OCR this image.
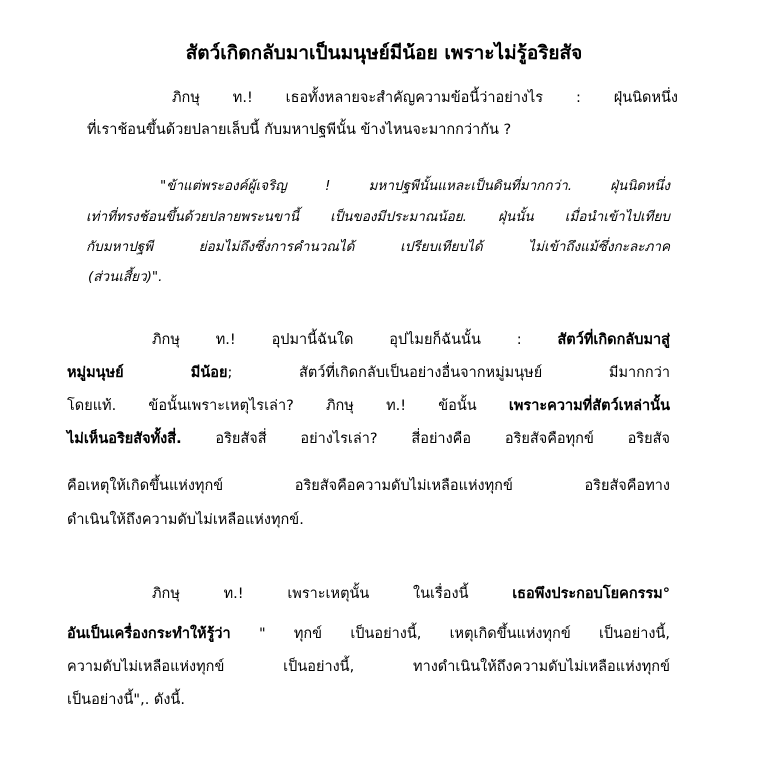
สัตว์เกิดกลับมาเป็นมนุษย์มีน้อย เพราะไม่รู้อริยสัจ
ภิกษุ ท.! เธอทั้งหลายจะสำคัญความข้อนี้ว่าอย่างไร : ฝุ่นนิดหนึ่ง
ที่เราช้อนขึ้นด้วยปลายเล็บนี้ กับมหาปฐพีนั้น ข้างไหนจะมากกว่ากัน ?
"ข้าแต่พระองค์ผู้เจริญ ! มหาปฐพีนั้นแหละเป็นดินที่มากกว่า. ฝุ่นนิดหนึ่ง
เท่าที่ทรงช้อนขึ้นด้วยปลายพระนขานี้ เป็นของมีประมาณน้อย. ฝุ่นนั้น เมื่อนำเข้าไปเทียบ
กับมหาปฐพี ย่อมไม่ถึงซึ่งการคำนวณได้ เปรียบเทียบได้ ไม่เข้าถึงแม้ซึ่งกะละภาค
(ส่วนเสี้ยว)".
ภิกษุ ท.! อุปมานี้ฉันใด อุปไมยก็ฉันนั้น : สัตว์ที่เกิดกลับมาสู่
หมู่มนุษย์ มีน้อย; สัตว์ที่เกิดกลับเป็นอย่างอื่นจากหมู่มนุษย์ มีมากกว่า
โดยแท้. ข้อนั้นเพราะเหตุไรเล่า? ภิกษุ ท.! ข้อนั้น เพราะความที่สัตว์เหล่านั้น
ไม่เห็นอริยสัจทั้งสี่. อริยสัจสี่ อย่างไรเล่า? สี่อย่างคือ อริยสัจคือทุกข์ อริยสัจ
คือเหตุให้เกิดขึ้นแห่งทุกข์ อริยสัจคือความดับไม่เหลือแห่งทุกข์ อริยสัจคือทาง
ดำเนินให้ถึงความดับไม่เหลือแห่งทุกข์.
ภิกษุ ท.! เพราะเหตุนั้น ในเรื่องนี้ เธอพึงประกอบโยคกรรม°
อันเป็นเครื่องกระทำให้รู้ว่า " ทุกข์ เป็นอย่างนี้, เหตุเกิดขึ้นแห่งทุกข์ เป็นอย่างนี้,
ความดับไม่เหลือแห่งทุกข์ เป็นอย่างนี้, ทางดำเนินให้ถึงความดับไม่เหลือแห่งทุกข์
เป็นอย่างนี้",. ดังนี้.
